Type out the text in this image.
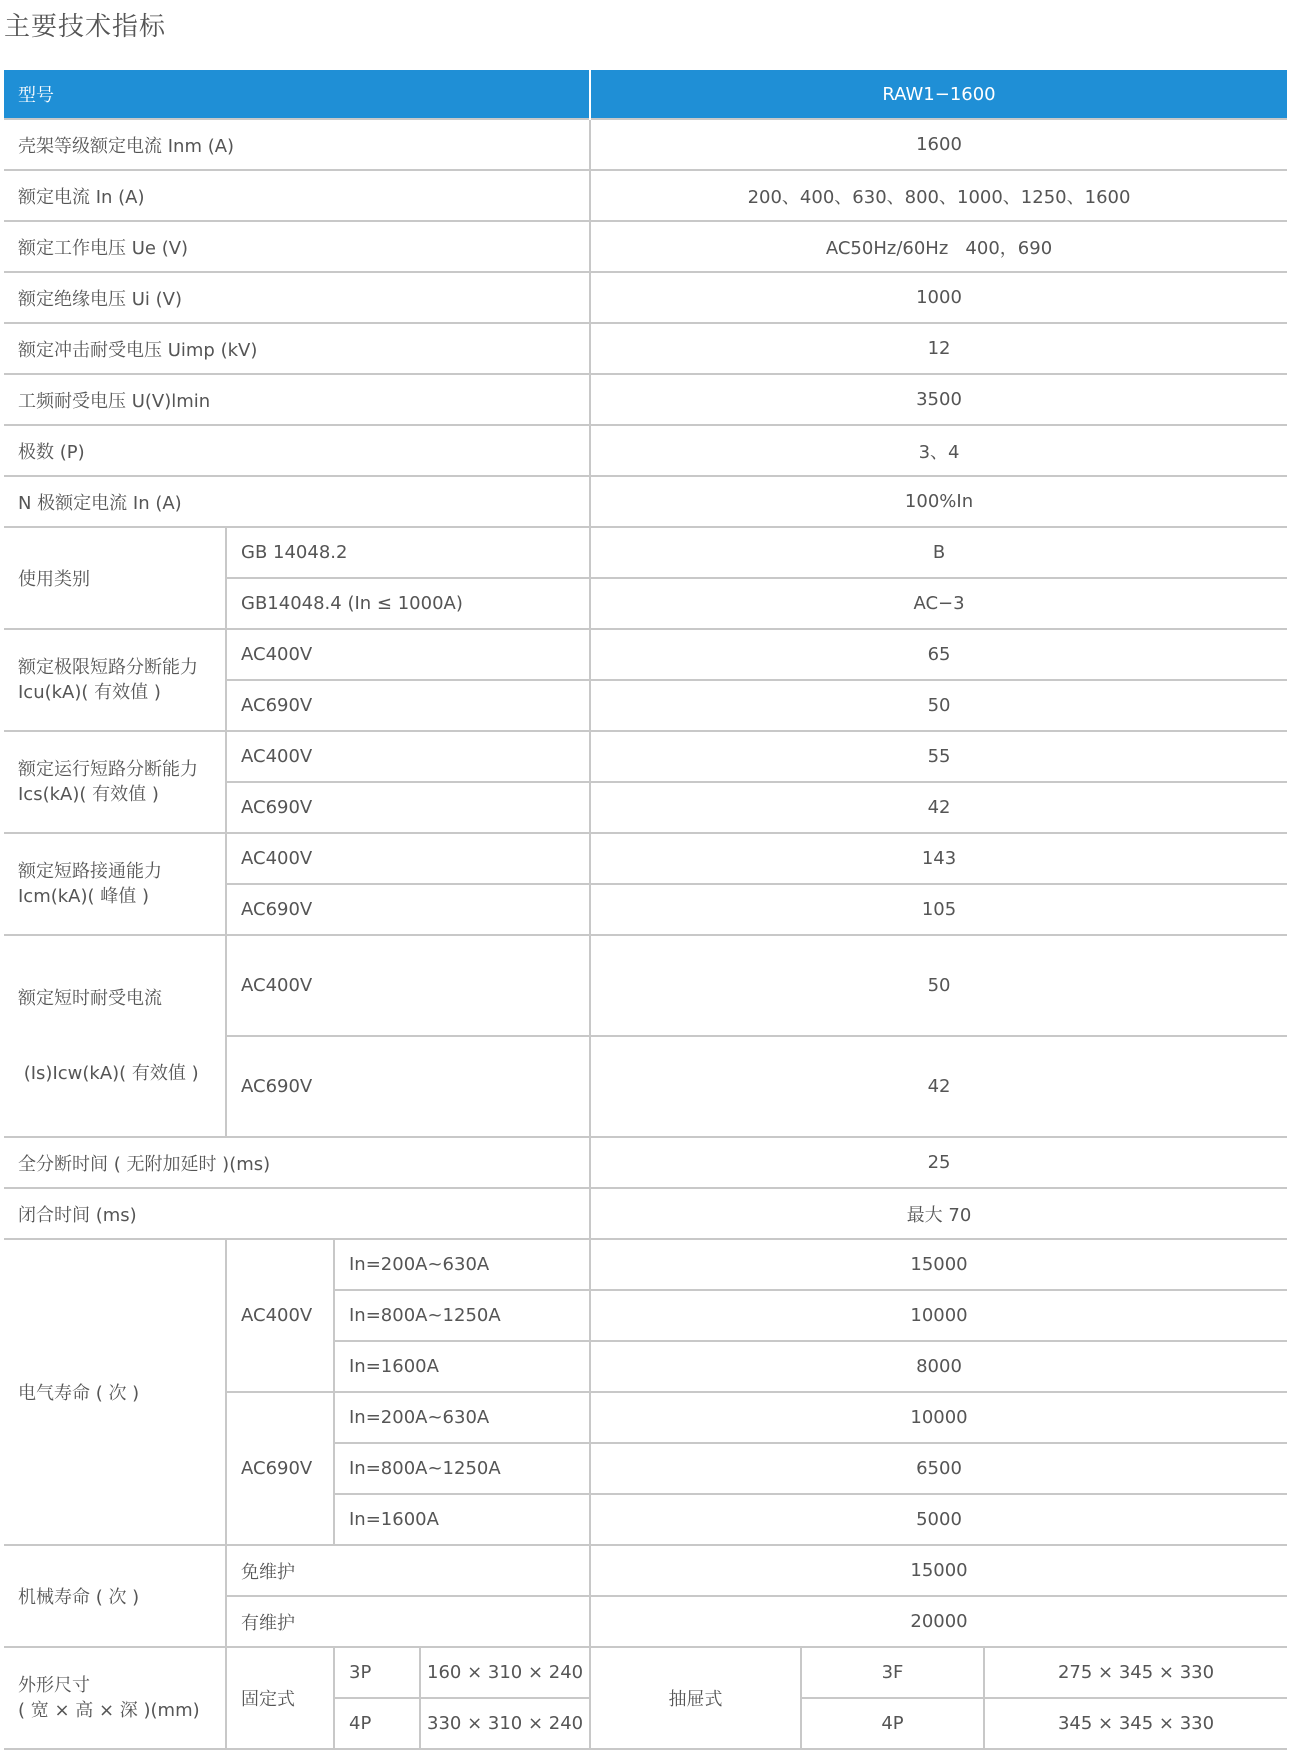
主要技术指标
型号				RAW1−1600		
壳架等级额定电流 Inm (A)				1600		
额定电流 In (A)				200、400、630、800、1000、1250、1600		
额定工作电压 Ue (V)				AC50Hz/60Hz   400，690		
额定绝缘电压 Ui (V)				1000		
额定冲击耐受电压 Uimp (kV)				12		
工频耐受电压 U(V)lmin				3500		
极数 (P)				3、4		
N 极额定电流 In (A)				100%In		
使用类别	GB 14048.2			B		
	GB14048.4 (In ≤ 1000A)			AC−3		

额定极限短路分断能力
Icu(kA)( 有效值 )	AC400V			65		
	AC690V			50		

额定运行短路分断能力
Ics(kA)( 有效值 )	AC400V			55		
	AC690V			42		

额定短路接通能力
Icm(kA)( 峰值 )	AC400V			143		
	AC690V			105		

额定短时耐受电流

(Is)Icw(kA)( 有效值 )	AC400V			50		
	AC690V			42		
全分断时间 ( 无附加延时 )(ms)				25		
闭合时间 (ms)				最大 70		
电气寿命 ( 次 )	AC400V	In=200A~630A		15000		
		In=800A~1250A		10000		
		In=1600A		8000		
	AC690V	In=200A~630A		10000		
		In=800A~1250A		6500		
		In=1600A		5000		
机械寿命 ( 次 )	免维护			15000		
	有维护			20000		

外形尺寸
( 宽 × 高 × 深 )(mm)	固定式	3P	160 × 310 × 240	抽屉式	3F	275 × 345 × 330
		4P	330 × 310 × 240		4P	345 × 345 × 330
